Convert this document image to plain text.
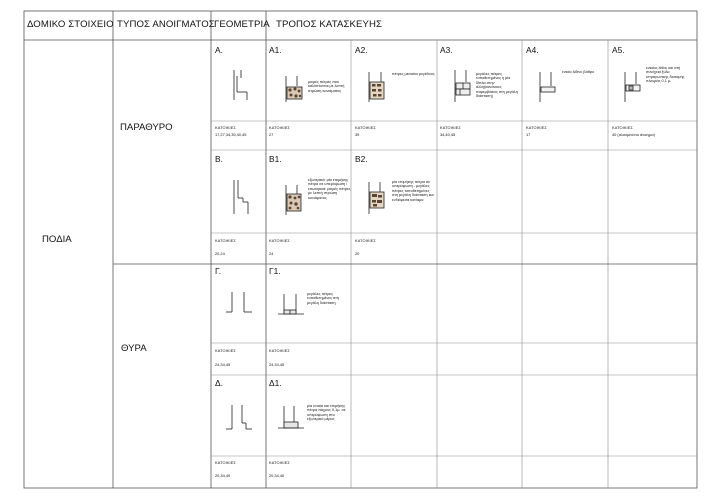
ΔΟΜΙΚΟ ΣΤΟΙΧΕΙΟ ΤΥΠΟΣ ΑΝΟΙΓΜΑΤΟΣ ΓΕΟΜΕΤΡΙΑ ΤΡΟΠΟΣ ΚΑΤΑΣΚΕΥΗΣ
ΠΟΔΙΑ
ΠΑΡΑΘΥΡΟ
ΘΥΡΑ
Α.
ΚΑΤΟΙΚΙΕΣ
17,27,34,39,40,45
Α1.
μικρές πέτρες που καλύπτονται με λεπτή στρώση κονιάματος
ΚΑΤΟΙΚΙΕΣ
27
Α2.
πέτρες μεσαίου μεγέθους
ΚΑΤΟΙΚΙΕΣ
39
Α3.
μεγάλες πέτρες τοποθετημένες η μία δίπλα στην άλλη(κανόνικες παρεμβύσεις στη μεγάλη διάσταση)
ΚΑΤΟΙΚΙΕΣ
34,40,45
Α4.
ενιαίο λίθινο βάθρο
ΚΑΤΟΙΚΙΕΣ
17
Α5.
ενιαίος λίθος και στη συνέχεια ξύλο τετραγωνικής διατομής πλευράς 0,1 μ.
ΚΑΤΟΙΚΙΕΣ
40 (αλουμινένιο άνοιγμα)
Β.
ΚΑΤΟΙΚΙΕΣ
20,24
Β1.
εξωτερικά: μία επιμήκης πέτρα σε υπερύψωση / εσωτερικά: μικρές πέτρες με λεπτή στρώση κονιάματος
ΚΑΤΟΙΚΙΕΣ
24
Β2.
μία επιμήκης πέτρα σε υπερύψωση - μεγάλες πέτρες τοποθετημένες στη μεγάλη διάσταση και ενδιάμεσα κονίαμα
ΚΑΤΟΙΚΙΕΣ
20
Γ.
ΚΑΤΟΙΚΙΕΣ
24,34,45
Γ1.
μεγάλες πέτρες τοποθετημένες στη μεγάλη διάσταση
ΚΑΤΟΙΚΙΕΣ
24,34,45
Δ.
ΚΑΤΟΙΚΙΕΣ
20,34,40
Δ1.
μία ενιαία και επιμήκης πέτρα πάχους 0,1μ. σε υπερύψωση στο εξωτερικό μέρος
ΚΑΤΟΙΚΙΕΣ
20,34,40
